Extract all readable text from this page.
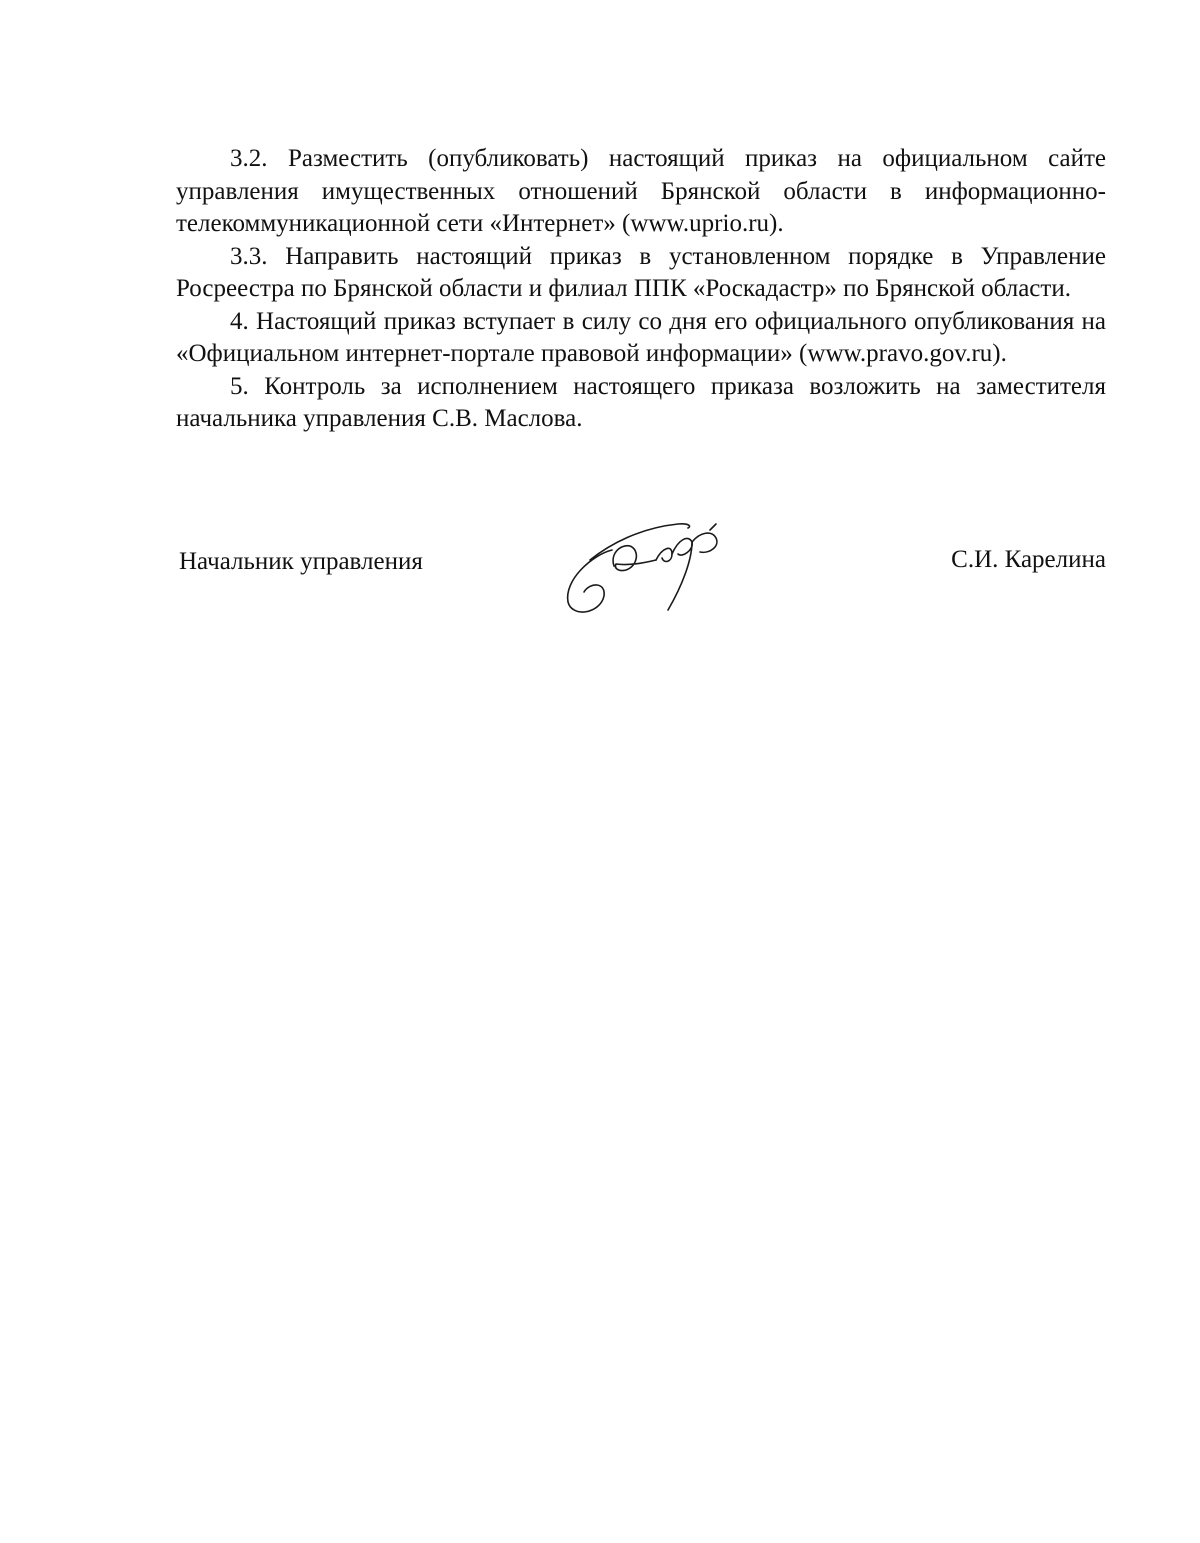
3.2. Разместить (опубликовать) настоящий приказ на официальном сайте управления имущественных отношений Брянской области в информационно-телекоммуникационной сети «Интернет» (www.uprio.ru).

3.3. Направить настоящий приказ в установленном порядке в Управление Росреестра по Брянской области и филиал ППК «Роскадастр» по Брянской области.

4. Настоящий приказ вступает в силу со дня его официального опубликования на «Официальном интернет-портале правовой информации» (www.pravo.gov.ru).

5. Контроль за исполнением настоящего приказа возложить на заместителя начальника управления С.В. Маслова.

Начальник управления	С.И. Карелина
